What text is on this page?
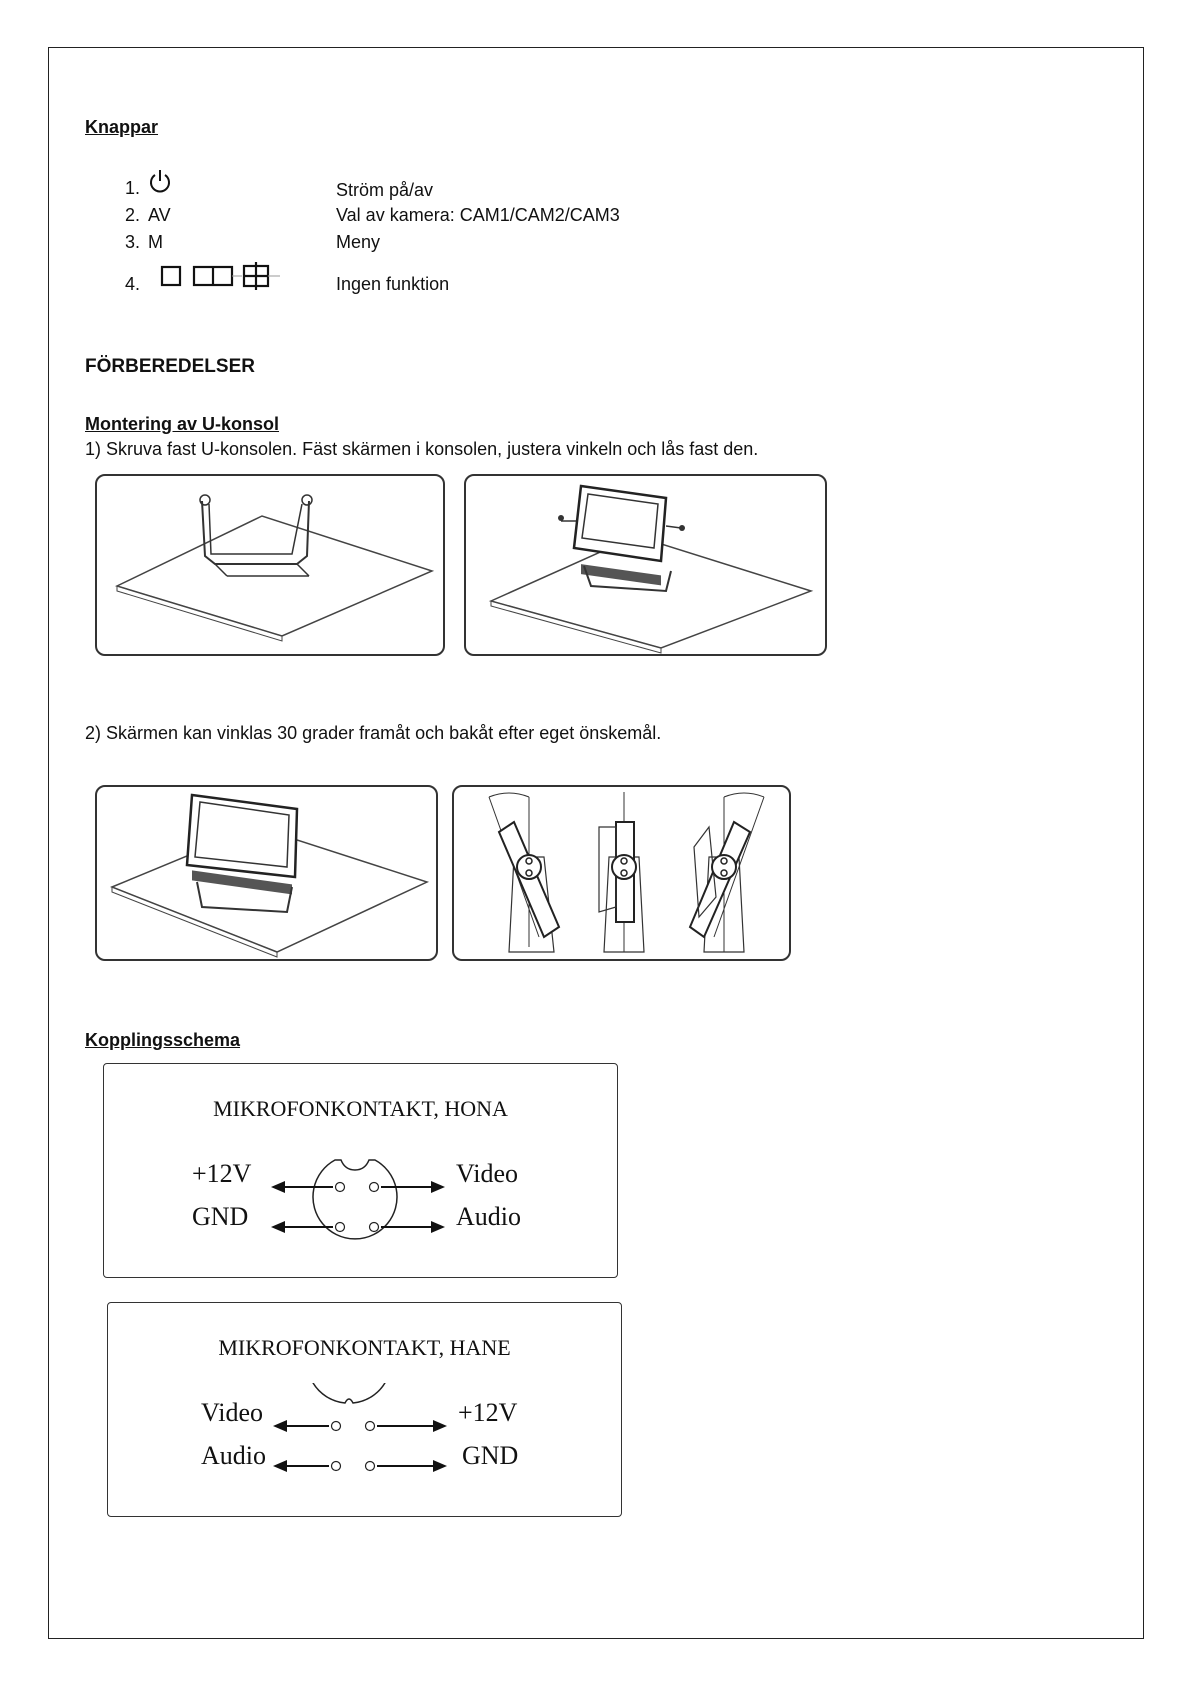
Knappar
1.	Ström på/av
2. AV	Val av kamera: CAM1/CAM2/CAM3
3. M	Meny
4.	Ingen funktion
FÖRBEREDELSER
Montering av U-konsol
1) Skruva fast U-konsolen. Fäst skärmen i konsolen, justera vinkeln och lås fast den.
2) Skärmen kan vinklas 30 grader framåt och bakåt efter eget önskemål.
Kopplingsschema
MIKROFONKONTAKT, HONA
+12V
GND
Video
Audio
MIKROFONKONTAKT, HANE
Video
Audio
+12V
GND
